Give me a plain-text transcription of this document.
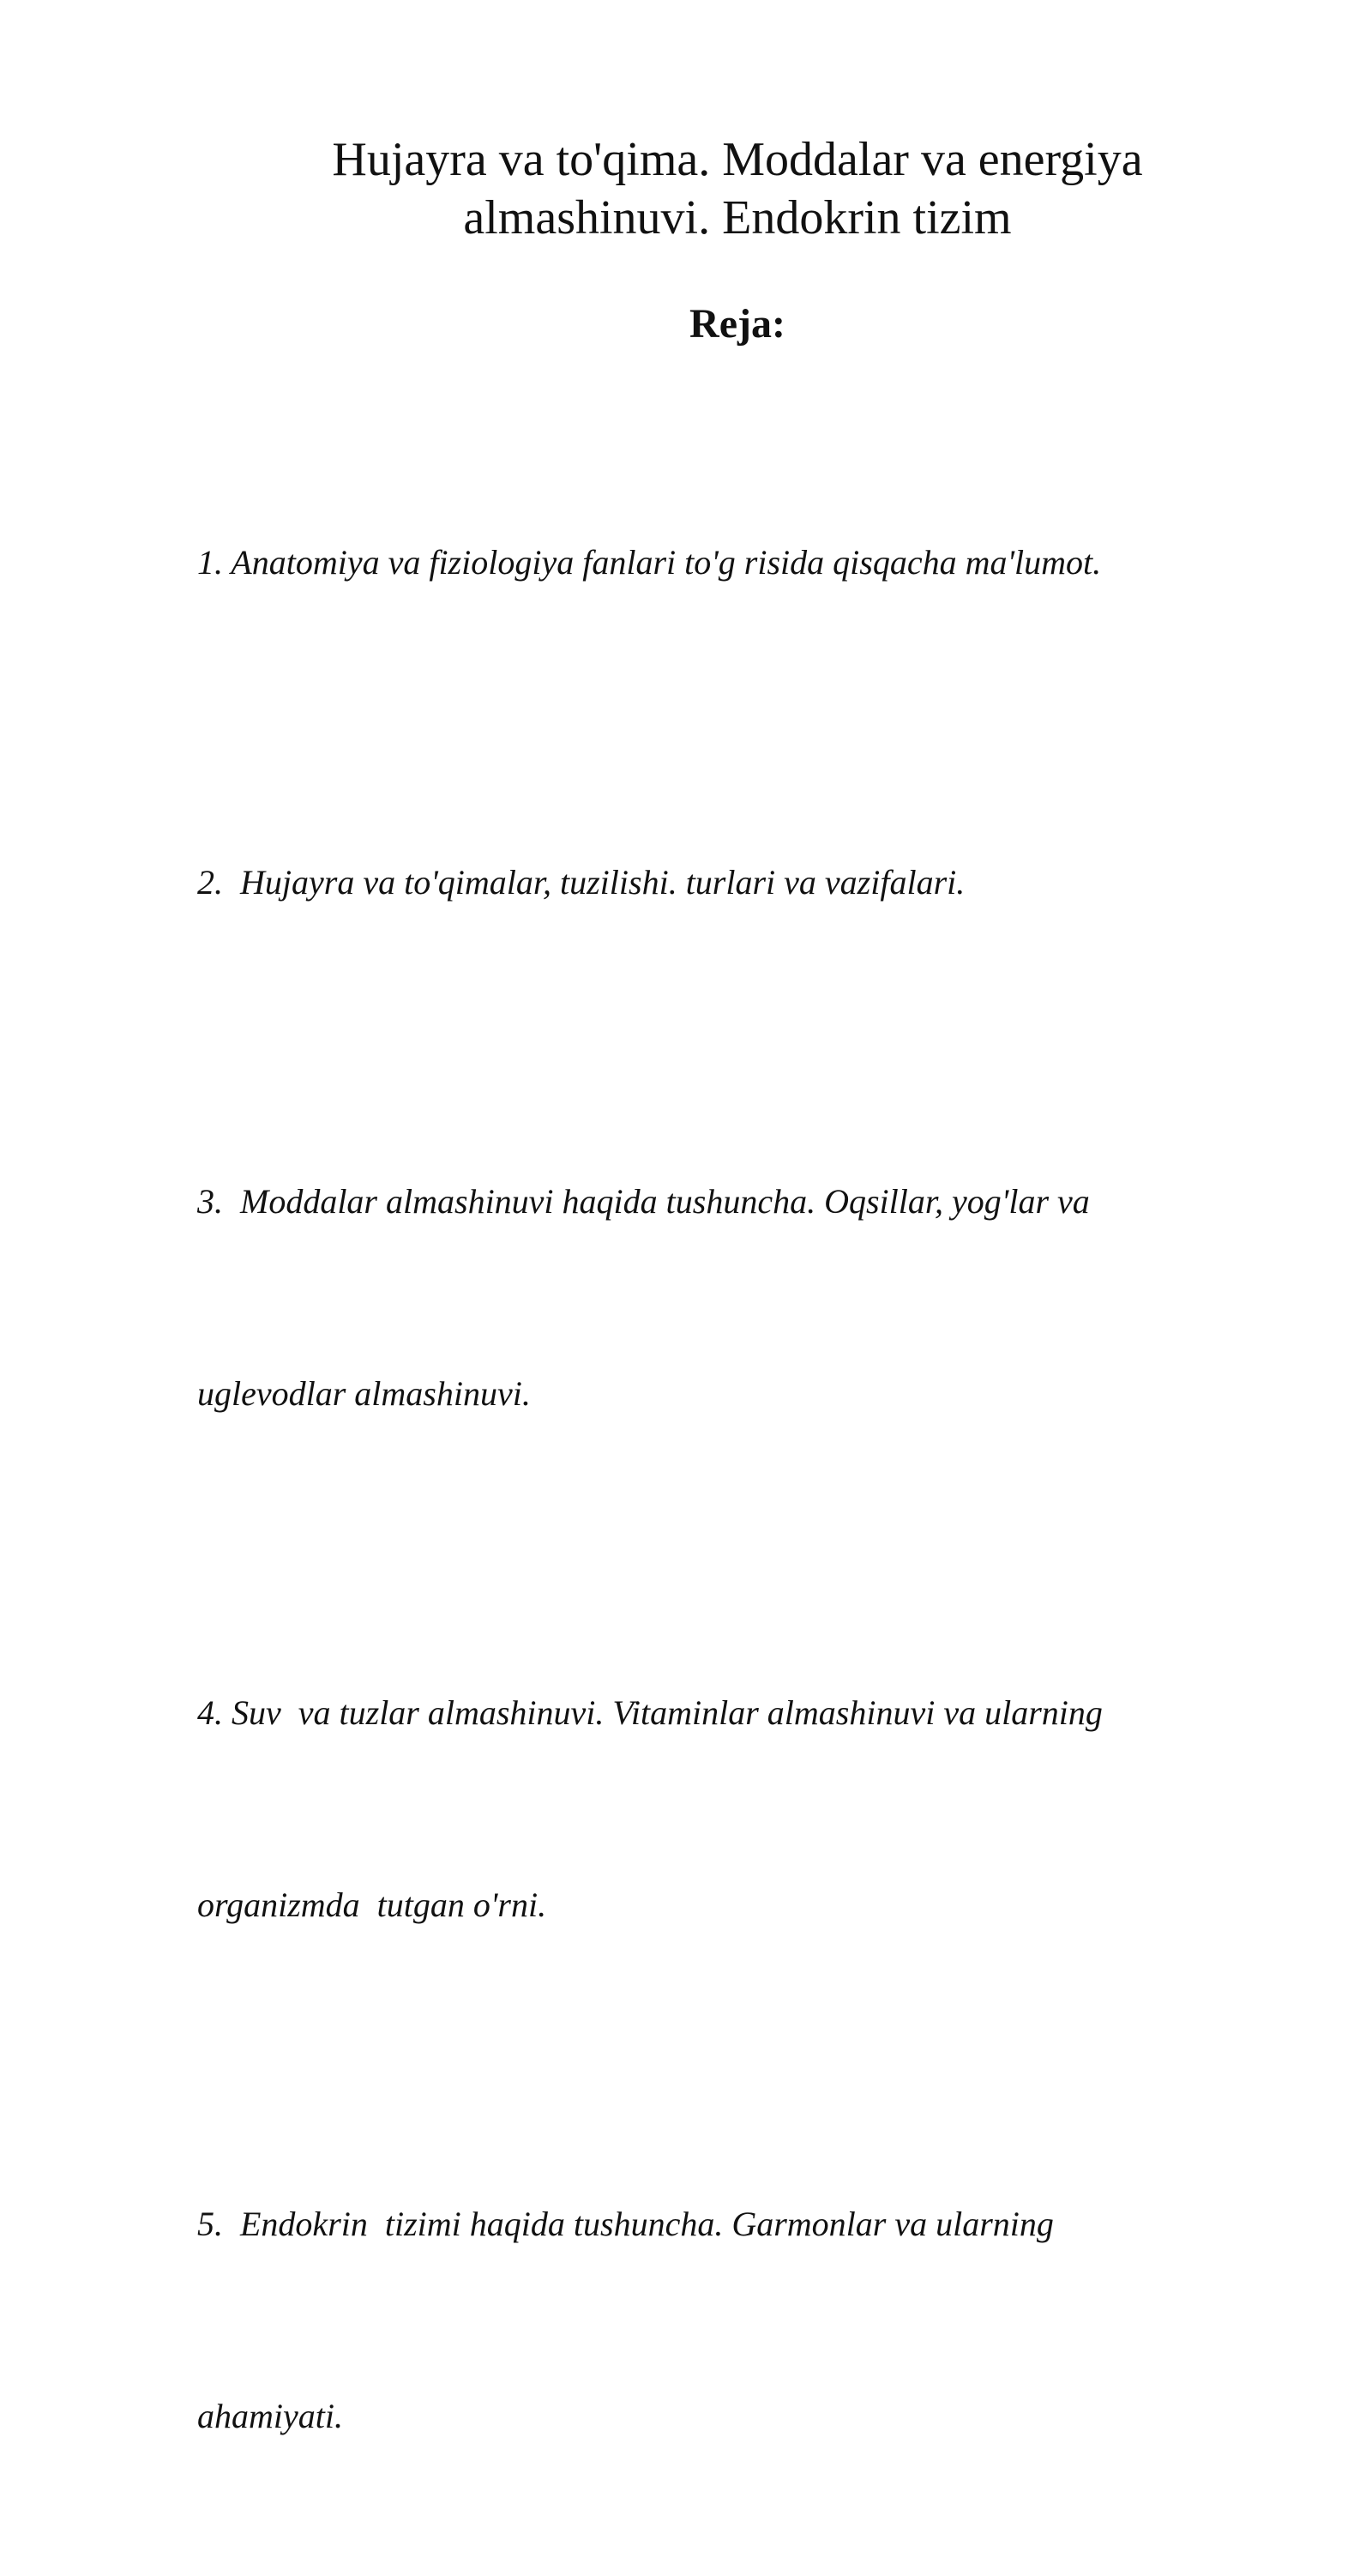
Hujayra va to'qima. Moddalar va energiya
almashinuvi. Endokrin tizim
Reja:

1. Anatomiya va fiziologiya fanlari to'g risida qisqacha ma'lumot.

2.  Hujayra va to'qimalar, tuzilishi. turlari va vazifalari.

3.  Moddalar almashinuvi haqida tushuncha. Oqsillar, yog'lar va

uglevodlar almashinuvi.

4. Suv  va tuzlar almashinuvi. Vitaminlar almashinuvi va ularning

organizmda  tutgan o'rni.

5.  Endokrin  tizimi haqida tushuncha. Garmonlar va ularning

ahamiyati.
